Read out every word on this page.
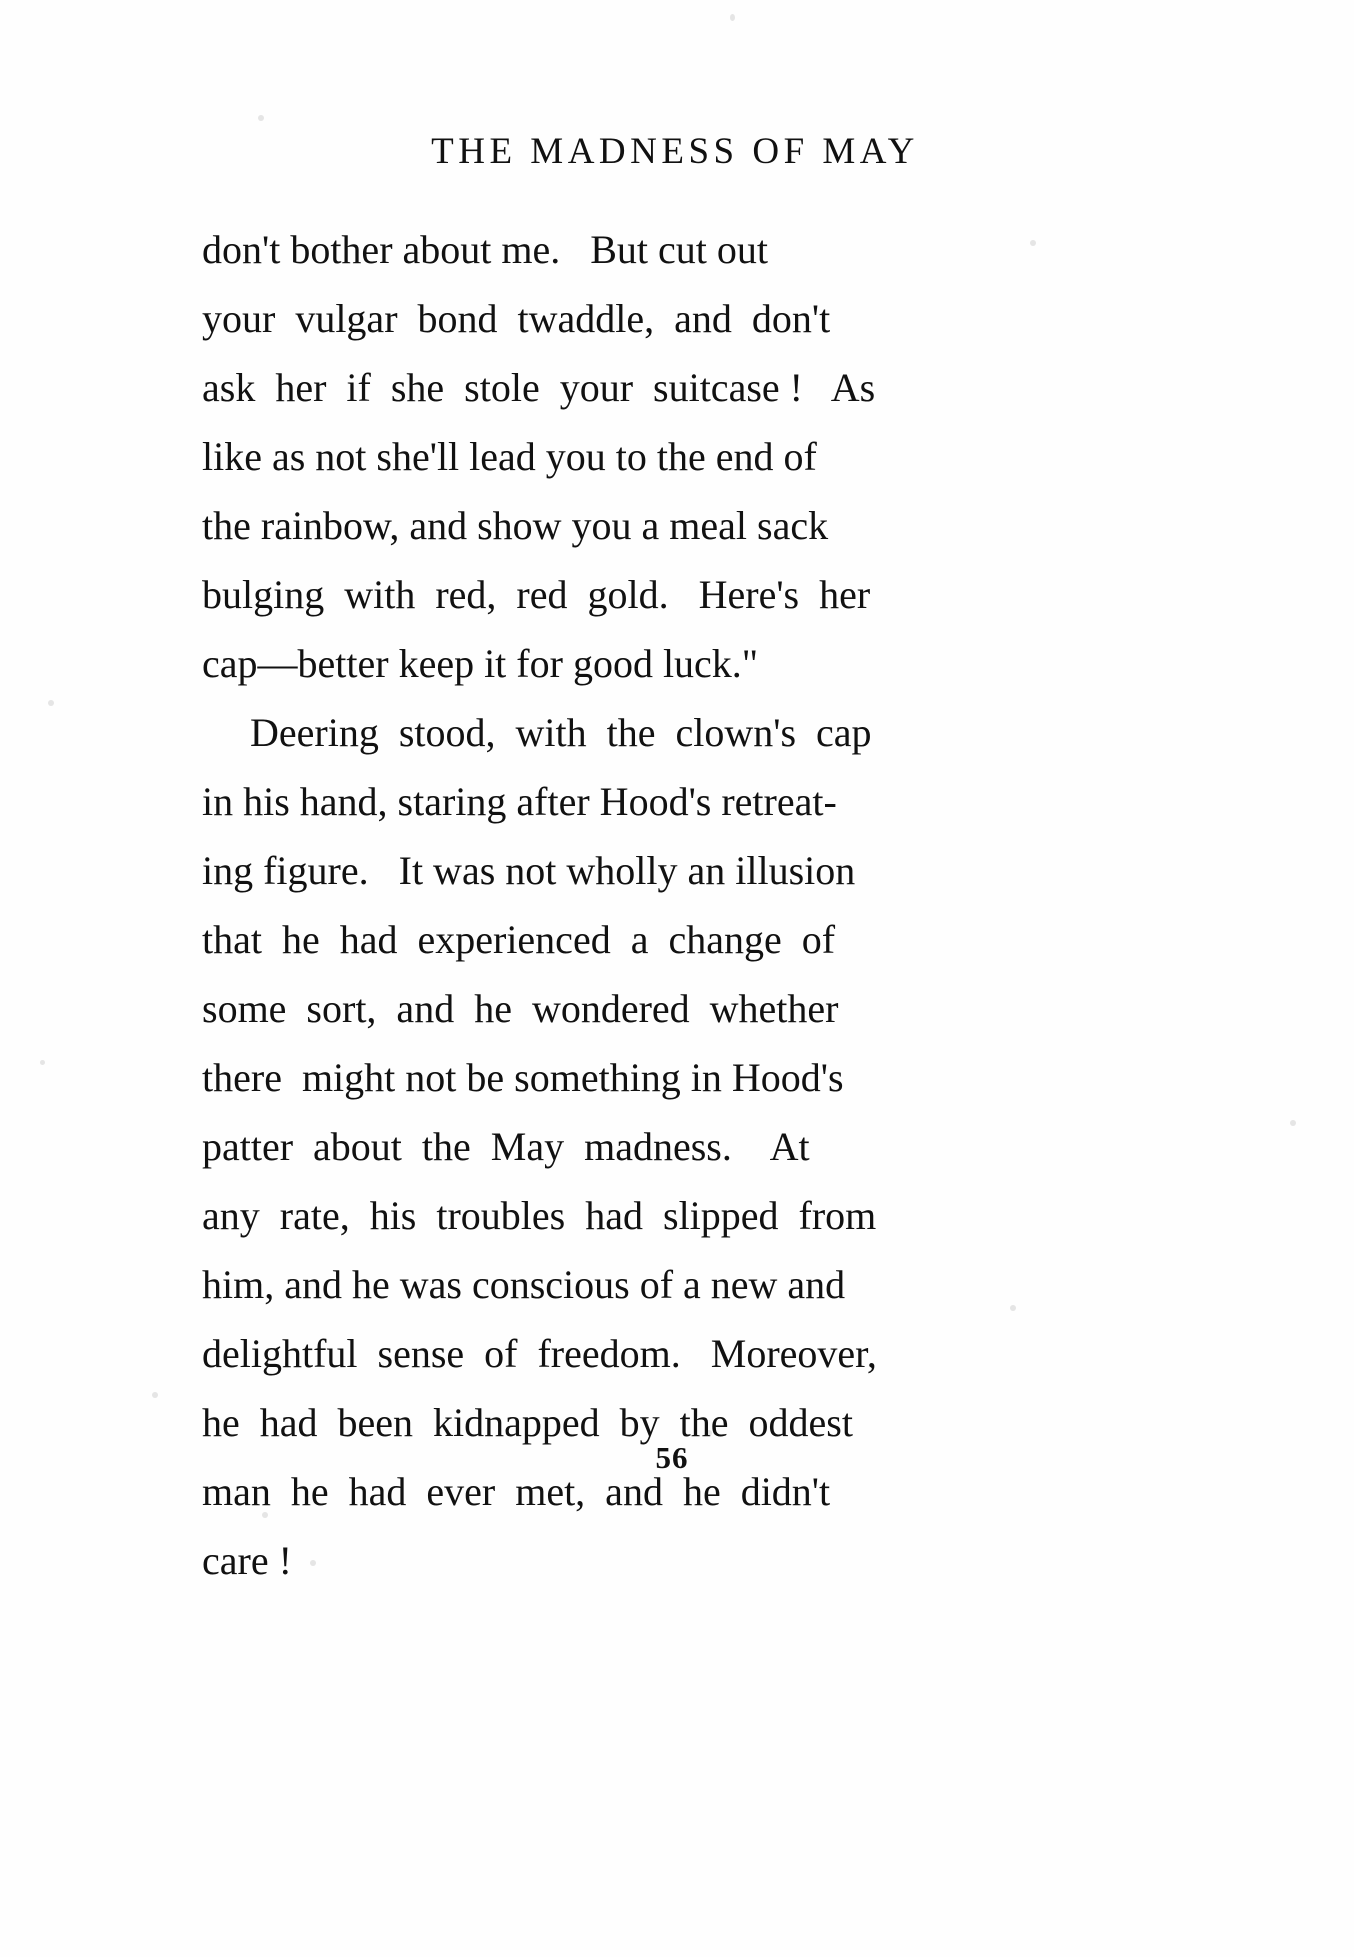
THE MADNESS OF MAY

don't bother about me.   But cut out
your  vulgar  bond  twaddle,  and  don't
ask  her  if  she  stole  your  suitcase !   As
like as not she'll lead you to the end of
the rainbow, and show you a meal sack
bulging  with  red,  red  gold.   Here's  her
cap—better keep it for good luck."

Deering  stood,  with  the  clown's  cap
in his hand, staring after Hood's retreat-
ing figure.   It was not wholly an illusion
that  he  had  experienced  a  change  of
some  sort,  and  he  wondered  whether
there  might not be something in Hood's
patter  about  the  May  madness.    At
any  rate,  his  troubles  had  slipped  from
him, and he was conscious of a new and
delightful  sense  of  freedom.   Moreover,
he  had  been  kidnapped  by  the  oddest
man  he  had  ever  met,  and  he  didn't
care !

56
